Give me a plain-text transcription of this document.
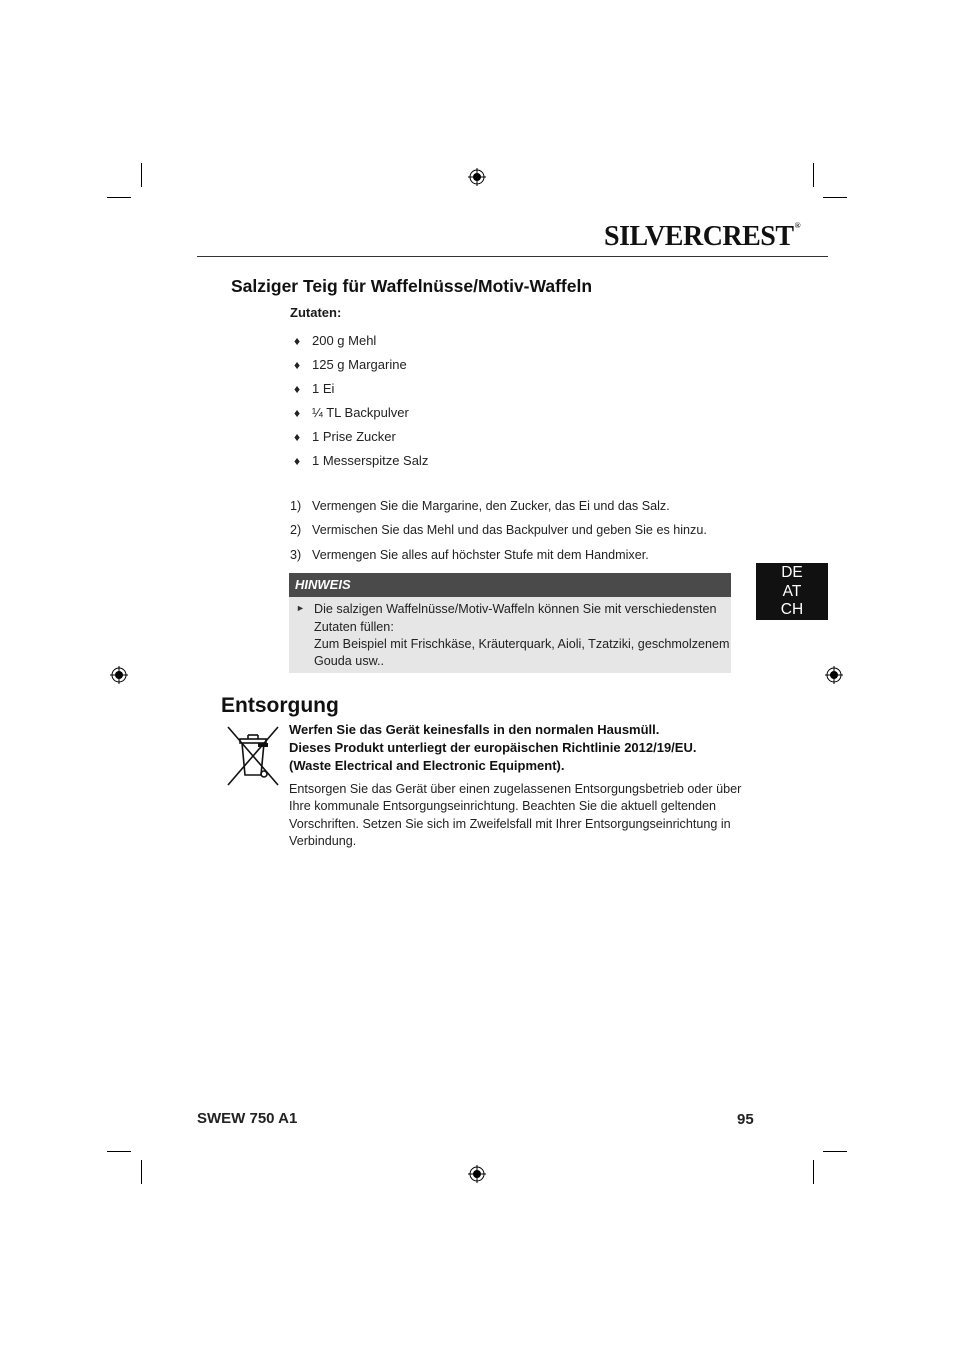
SILVERCREST®
Salziger Teig für Waffelnüsse/Motiv-Waffeln
Zutaten:
♦ 200 g Mehl
♦ 125 g Margarine
♦ 1 Ei
♦ ¼ TL Backpulver
♦ 1 Prise Zucker
♦ 1 Messerspitze Salz
1) Vermengen Sie die Margarine, den Zucker, das Ei und das Salz.
2) Vermischen Sie das Mehl und das Backpulver und geben Sie es hinzu.
3) Vermengen Sie alles auf höchster Stufe mit dem Handmixer.
HINWEIS
► Die salzigen Waffelnüsse/Motiv-Waffeln können Sie mit verschiedensten
Zutaten füllen:
Zum Beispiel mit Frischkäse, Kräuterquark, Aioli, Tzatziki, geschmolzenem
Gouda usw..
DE
AT
CH
Entsorgung
Werfen Sie das Gerät keinesfalls in den normalen Hausmüll.
Dieses Produkt unterliegt der europäischen Richtlinie 2012/19/EU.
(Waste Electrical and Electronic Equipment).
Entsorgen Sie das Gerät über einen zugelassenen Entsorgungsbetrieb oder über
Ihre kommunale Entsorgungseinrichtung. Beachten Sie die aktuell geltenden
Vorschriften. Setzen Sie sich im Zweifelsfall mit Ihrer Entsorgungseinrichtung in
Verbindung.
SWEW 750 A1	95
